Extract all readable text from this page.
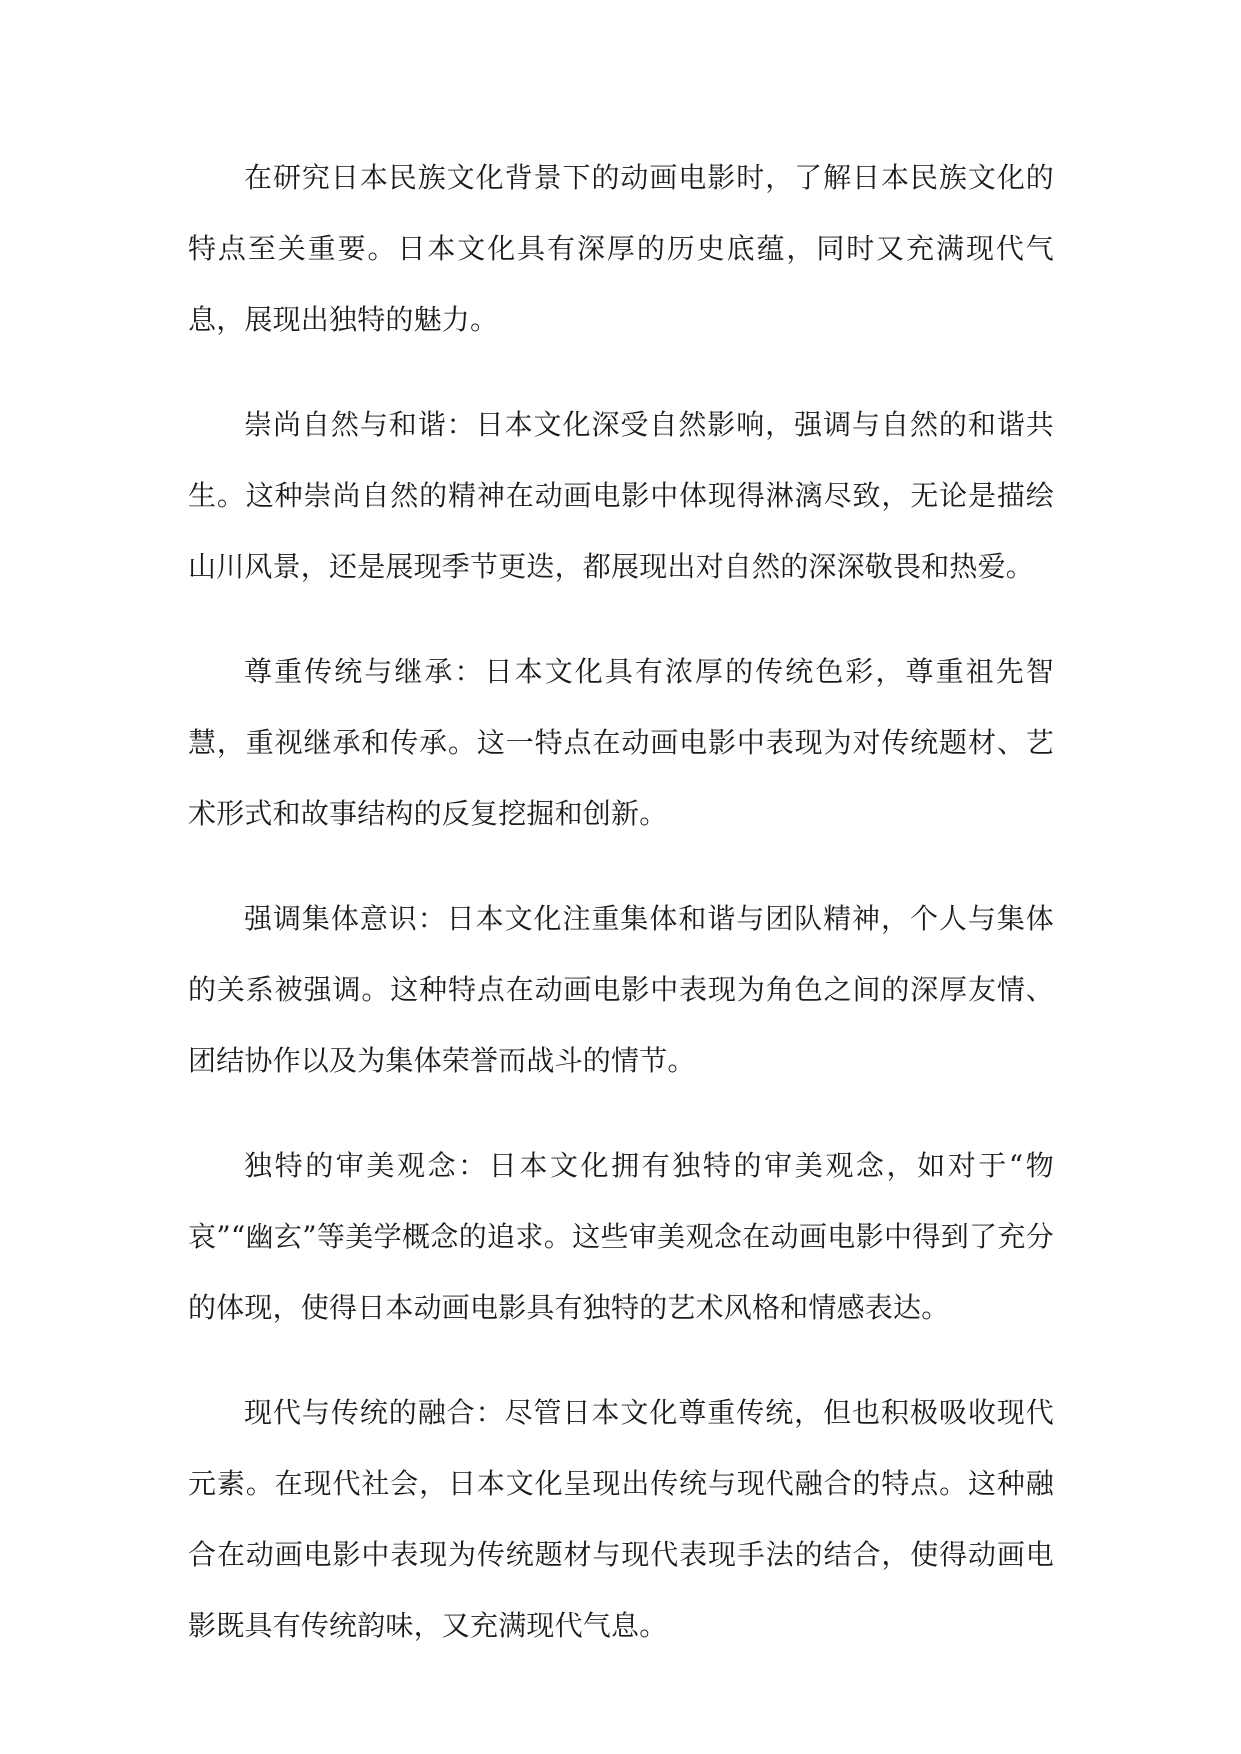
在研究日本民族文化背景下的动画电影时，了解日本民族文化的特点至关重要。日本文化具有深厚的历史底蕴，同时又充满现代气息，展现出独特的魅力。

崇尚自然与和谐：日本文化深受自然影响，强调与自然的和谐共生。这种崇尚自然的精神在动画电影中体现得淋漓尽致，无论是描绘山川风景，还是展现季节更迭，都展现出对自然的深深敬畏和热爱。

尊重传统与继承：日本文化具有浓厚的传统色彩，尊重祖先智慧，重视继承和传承。这一特点在动画电影中表现为对传统题材、艺术形式和故事结构的反复挖掘和创新。

强调集体意识：日本文化注重集体和谐与团队精神，个人与集体的关系被强调。这种特点在动画电影中表现为角色之间的深厚友情、团结协作以及为集体荣誉而战斗的情节。

独特的审美观念：日本文化拥有独特的审美观念，如对于“物哀”“幽玄”等美学概念的追求。这些审美观念在动画电影中得到了充分的体现，使得日本动画电影具有独特的艺术风格和情感表达。

现代与传统的融合：尽管日本文化尊重传统，但也积极吸收现代元素。在现代社会，日本文化呈现出传统与现代融合的特点。这种融合在动画电影中表现为传统题材与现代表现手法的结合，使得动画电影既具有传统韵味，又充满现代气息。
